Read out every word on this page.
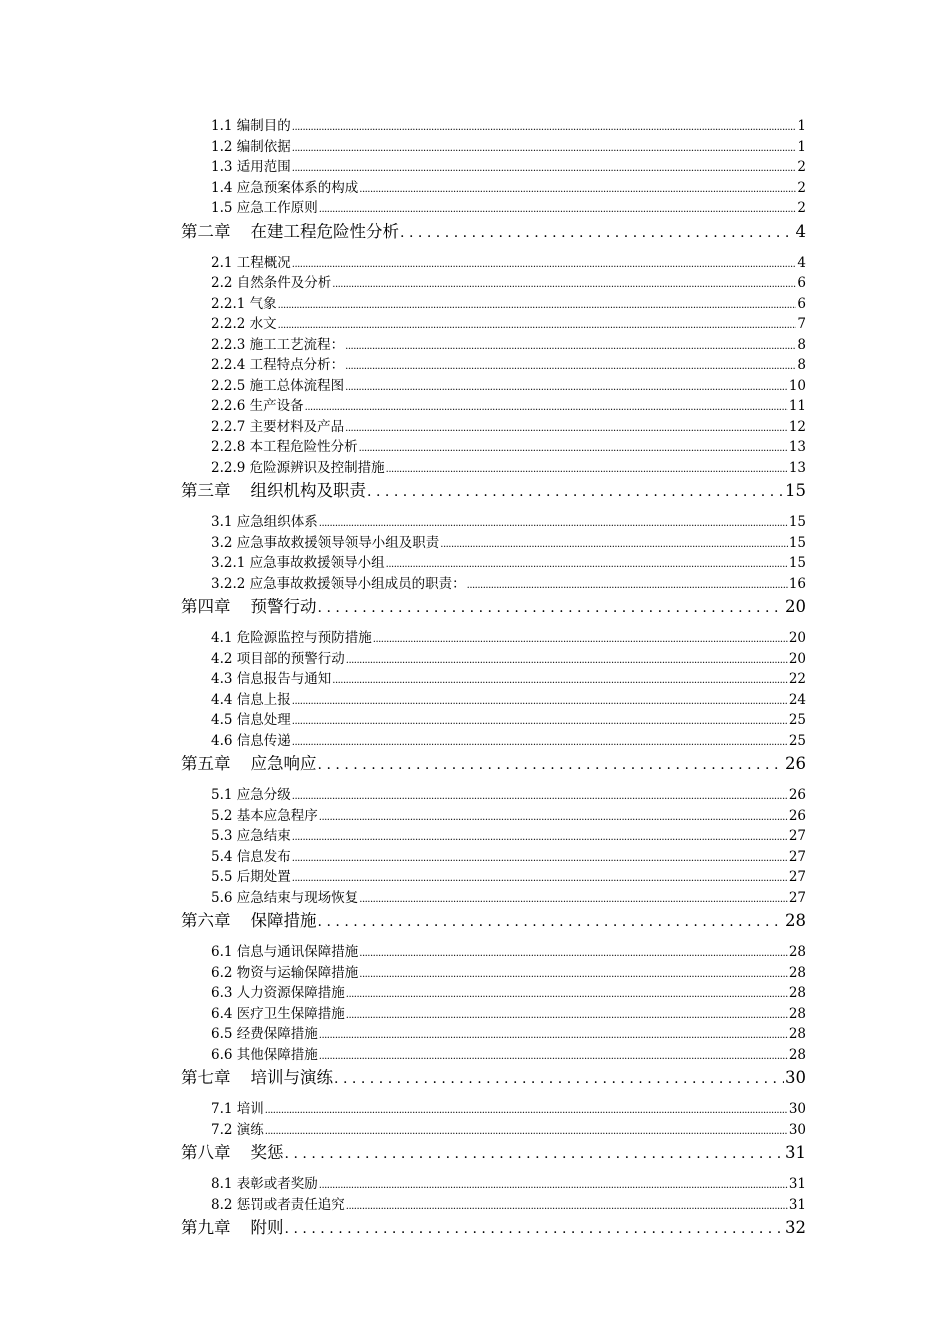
1.1 编制目的 .....	1
1.2 编制依据 .....	1
1.3 适用范围 .....	2
1.4 应急预案体系的构成 .....	2
1.5 应急工作原则 .....	2
第二章 在建工程危险性分析 .....	4
2.1 工程概况 .....	4
2.2 自然条件及分析 .....	6
2.2.1 气象 .....	6
2.2.2 水文 .....	7
2.2.3 施工工艺流程： .....	8
2.2.4 工程特点分析： .....	8
2.2.5 施工总体流程图 .....	10
2.2.6 生产设备 .....	11
2.2.7 主要材料及产品 .....	12
2.2.8 本工程危险性分析 .....	13
2.2.9 危险源辨识及控制措施 .....	13
第三章 组织机构及职责 .....	15
3.1 应急组织体系 .....	15
3.2 应急事故救援领导领导小组及职责 .....	15
3.2.1 应急事故救援领导小组 .....	15
3.2.2 应急事故救援领导小组成员的职责： .....	16
第四章 预警行动 .....	20
4.1 危险源监控与预防措施 .....	20
4.2 项目部的预警行动 .....	20
4.3 信息报告与通知 .....	22
4.4 信息上报 .....	24
4.5 信息处理 .....	25
4.6 信息传递 .....	25
第五章 应急响应 .....	26
5.1 应急分级 .....	26
5.2 基本应急程序 .....	26
5.3 应急结束 .....	27
5.4 信息发布 .....	27
5.5 后期处置 .....	27
5.6 应急结束与现场恢复 .....	27
第六章 保障措施 .....	28
6.1 信息与通讯保障措施 .....	28
6.2 物资与运输保障措施 .....	28
6.3 人力资源保障措施 .....	28
6.4 医疗卫生保障措施 .....	28
6.5 经费保障措施 .....	28
6.6 其他保障措施 .....	28
第七章 培训与演练 .....	30
7.1 培训 .....	30
7.2 演练 .....	30
第八章 奖惩 .....	31
8.1 表彰或者奖励 .....	31
8.2 惩罚或者责任追究 .....	31
第九章 附则 .....	32
